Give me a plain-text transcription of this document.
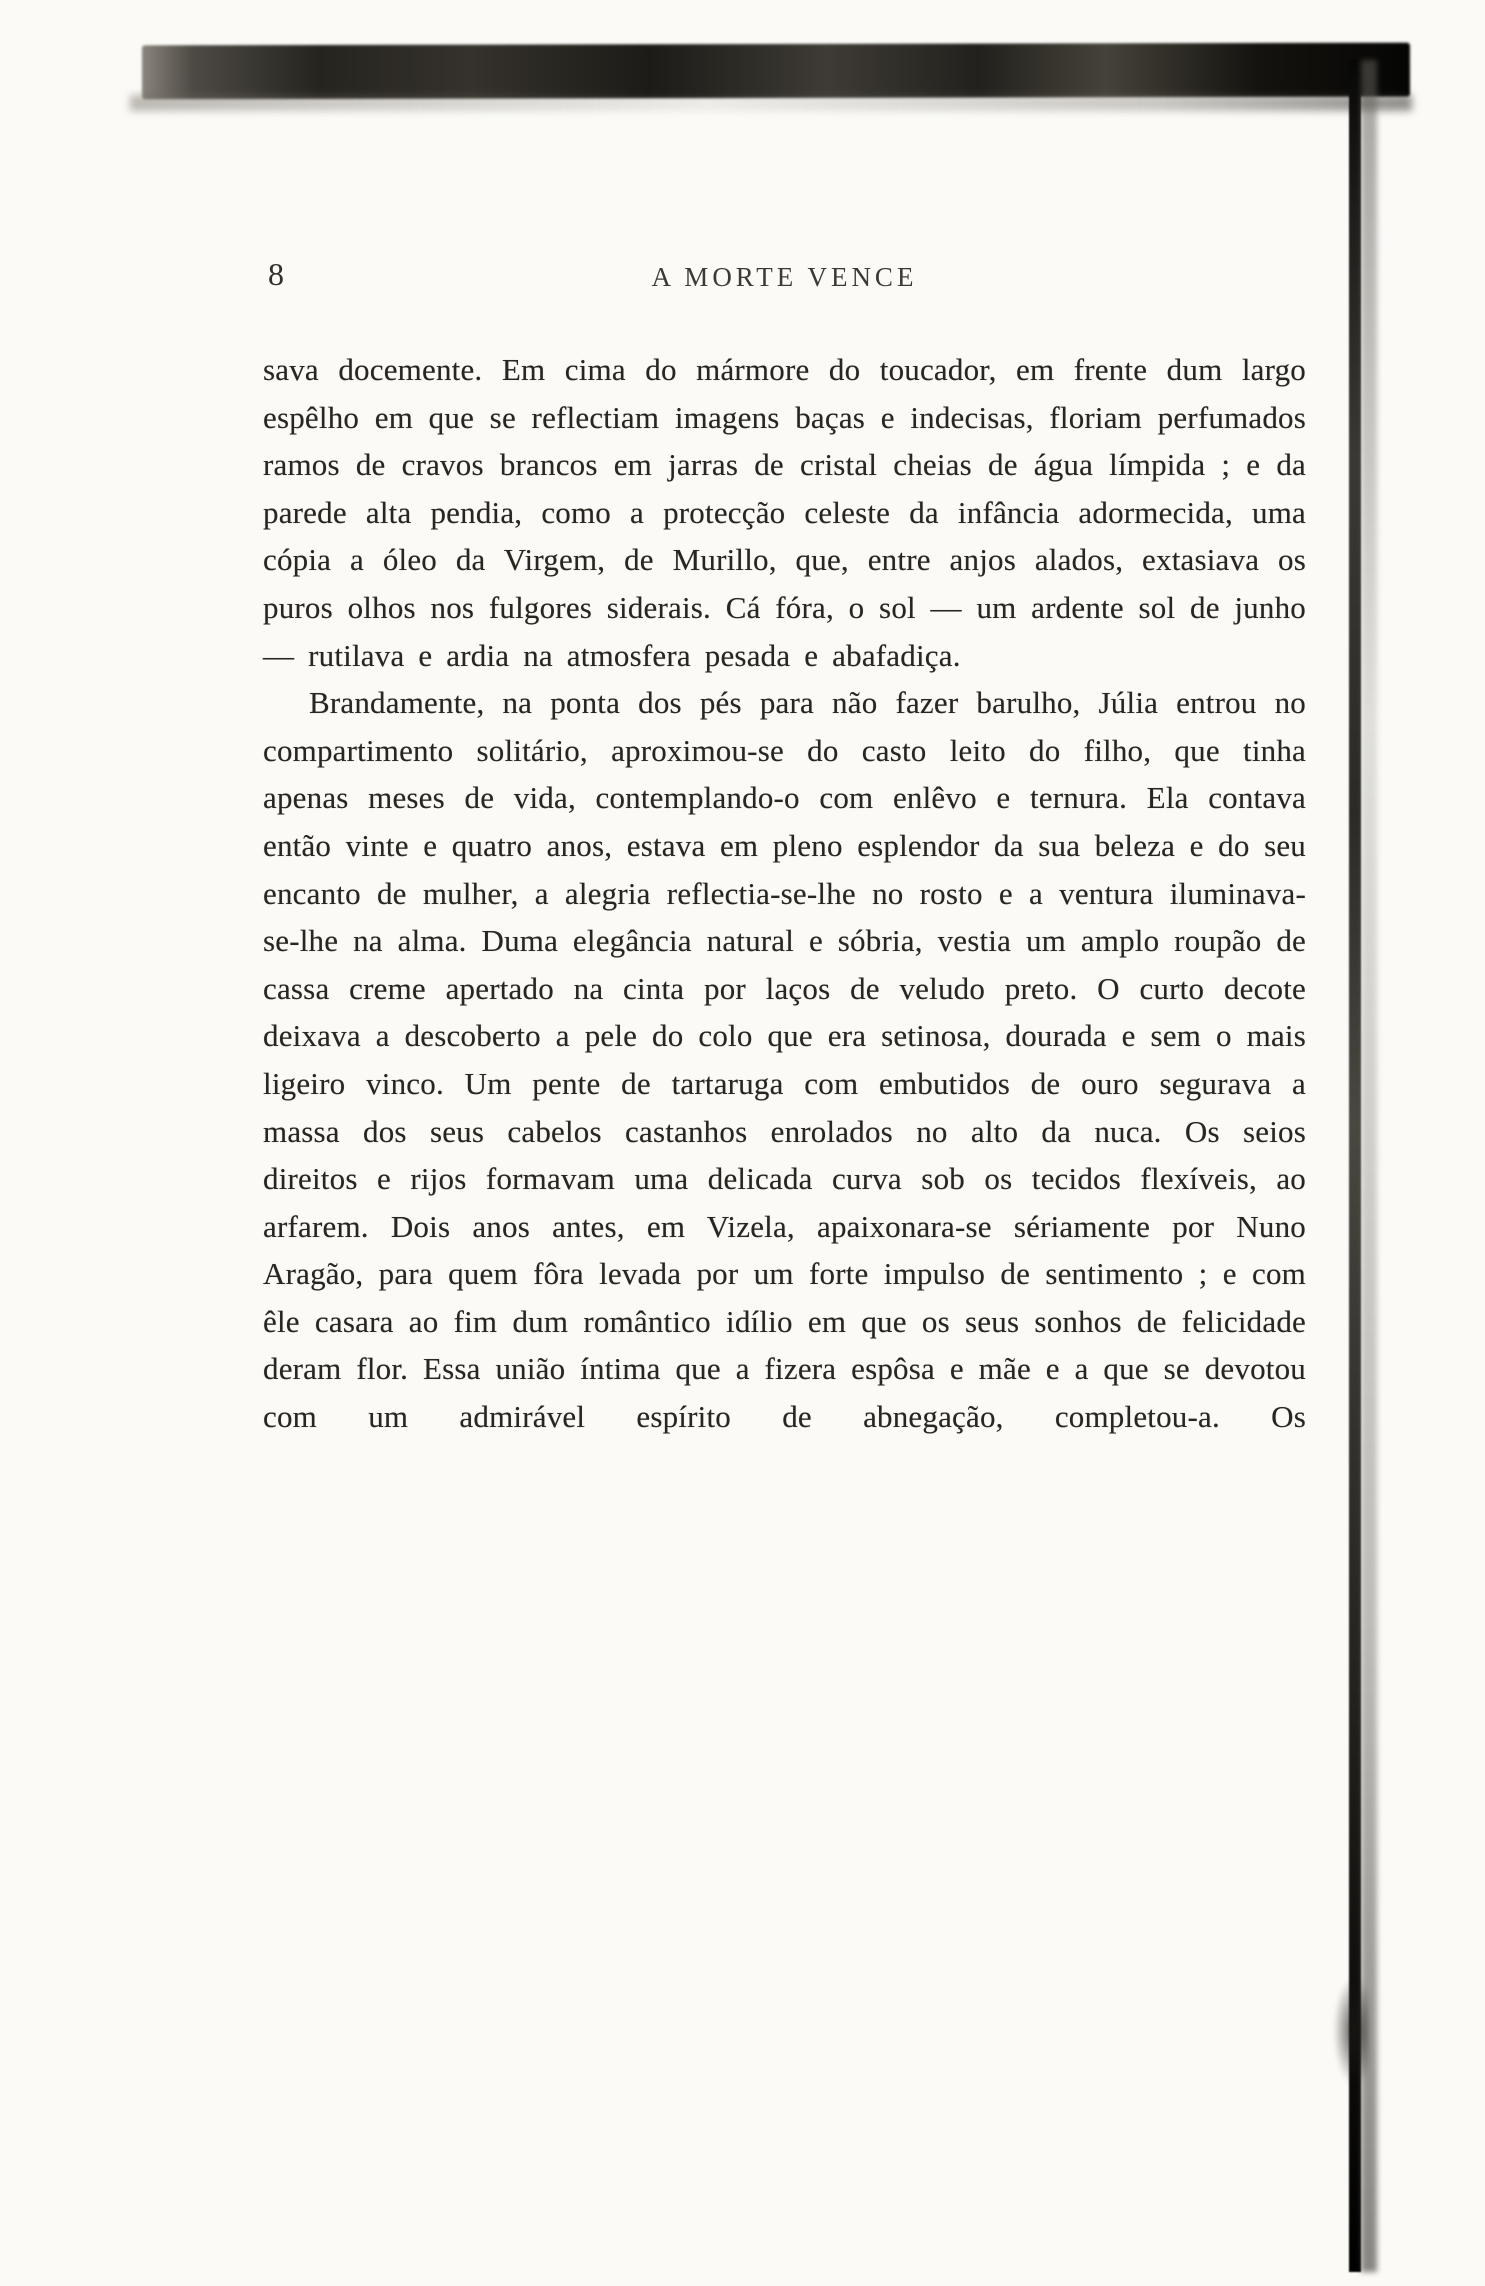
8	A MORTE VENCE

sava docemente. Em cima do mármore do toucador, em frente dum largo espêlho em que se reflectiam imagens baças e indecisas, floriam perfumados ramos de cravos brancos em jarras de cristal cheias de água límpida ; e da parede alta pendia, como a protecção celeste da infância adormecida, uma cópia a óleo da Virgem, de Murillo, que, entre anjos alados, extasiava os puros olhos nos fulgores siderais. Cá fóra, o sol — um ardente sol de junho — rutilava e ardia na atmosfera pesada e abafadiça.

Brandamente, na ponta dos pés para não fazer barulho, Júlia entrou no compartimento solitário, aproximou-se do casto leito do filho, que tinha apenas meses de vida, contemplando-o com enlêvo e ternura. Ela contava então vinte e quatro anos, estava em pleno esplendor da sua beleza e do seu encanto de mulher, a alegria reflectia-se-lhe no rosto e a ventura iluminava-se-lhe na alma. Duma elegância natural e sóbria, vestia um amplo roupão de cassa creme apertado na cinta por laços de veludo preto. O curto decote deixava a descoberto a pele do colo que era setinosa, dourada e sem o mais ligeiro vinco. Um pente de tartaruga com embutidos de ouro segurava a massa dos seus cabelos castanhos enrolados no alto da nuca. Os seios direitos e rijos formavam uma delicada curva sob os tecidos flexíveis, ao arfarem. Dois anos antes, em Vizela, apaixonara-se sériamente por Nuno Aragão, para quem fôra levada por um forte impulso de sentimento ; e com êle casara ao fim dum romântico idílio em que os seus sonhos de felicidade deram flor. Essa união íntima que a fizera espôsa e mãe e a que se devotou com um admirável espírito de abnegação, completou-a. Os
